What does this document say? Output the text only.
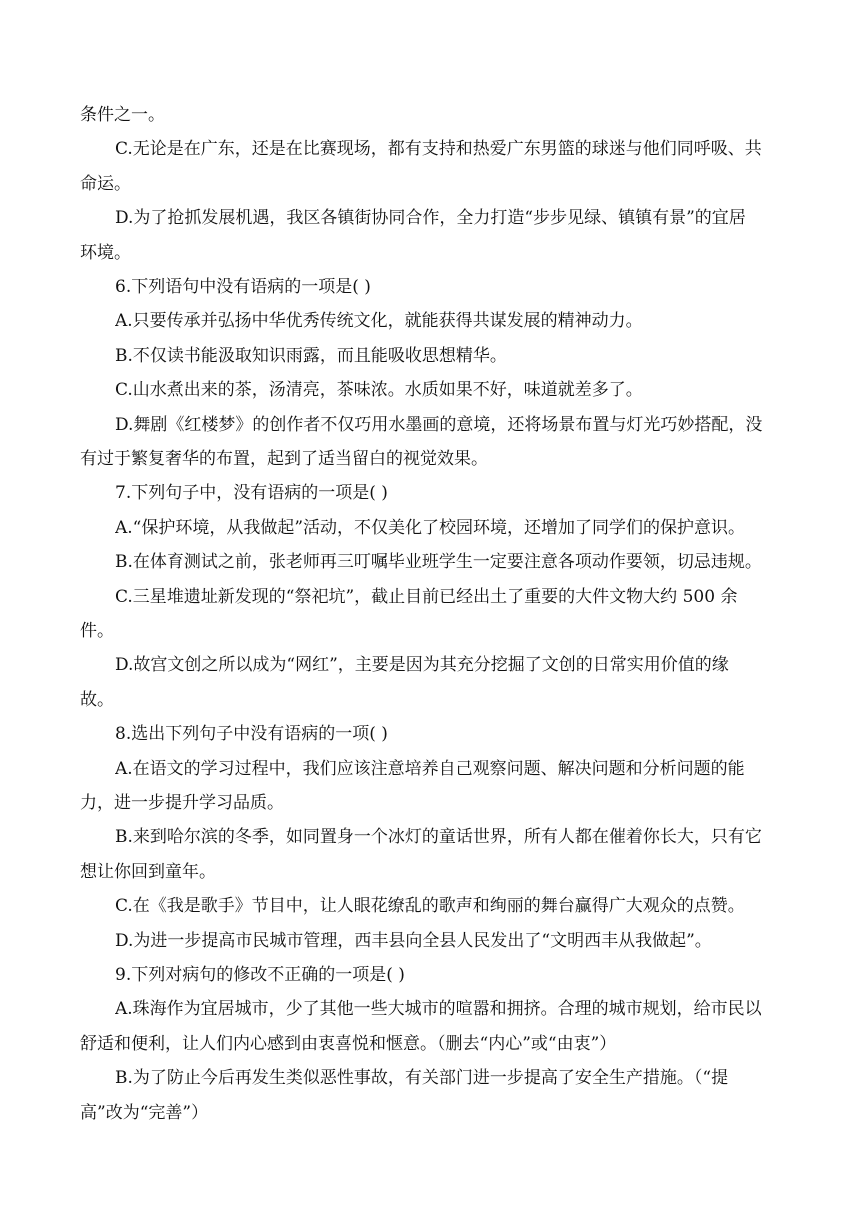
条件之一。
C.无论是在广东，还是在比赛现场，都有支持和热爱广东男篮的球迷与他们同呼吸、共
命运。
D.为了抢抓发展机遇，我区各镇街协同合作，全力打造“步步见绿、镇镇有景”的宜居
环境。
6.下列语句中没有语病的一项是( )
A.只要传承并弘扬中华优秀传统文化，就能获得共谋发展的精神动力。
B.不仅读书能汲取知识雨露，而且能吸收思想精华。
C.山水煮出来的茶，汤清亮，茶味浓。水质如果不好，味道就差多了。
D.舞剧《红楼梦》的创作者不仅巧用水墨画的意境，还将场景布置与灯光巧妙搭配，没
有过于繁复奢华的布置，起到了适当留白的视觉效果。
7.下列句子中，没有语病的一项是( )
A.“保护环境，从我做起”活动，不仅美化了校园环境，还增加了同学们的保护意识。
B.在体育测试之前，张老师再三叮嘱毕业班学生一定要注意各项动作要领，切忌违规。
C.三星堆遗址新发现的“祭祀坑”，截止目前已经出土了重要的大件文物大约 500 余
件。
D.故宫文创之所以成为“网红”，主要是因为其充分挖掘了文创的日常实用价值的缘
故。
8.选出下列句子中没有语病的一项( )
A.在语文的学习过程中，我们应该注意培养自己观察问题、解决问题和分析问题的能
力，进一步提升学习品质。
B.来到哈尔滨的冬季，如同置身一个冰灯的童话世界，所有人都在催着你长大，只有它
想让你回到童年。
C.在《我是歌手》节目中，让人眼花缭乱的歌声和绚丽的舞台赢得广大观众的点赞。
D.为进一步提高市民城市管理，西丰县向全县人民发出了“文明西丰从我做起”。
9.下列对病句的修改不正确的一项是( )
A.珠海作为宜居城市，少了其他一些大城市的喧嚣和拥挤。合理的城市规划，给市民以
舒适和便利，让人们内心感到由衷喜悦和惬意。（删去“内心”或“由衷”）
B.为了防止今后再发生类似恶性事故，有关部门进一步提高了安全生产措施。（“提
高”改为“完善”）
